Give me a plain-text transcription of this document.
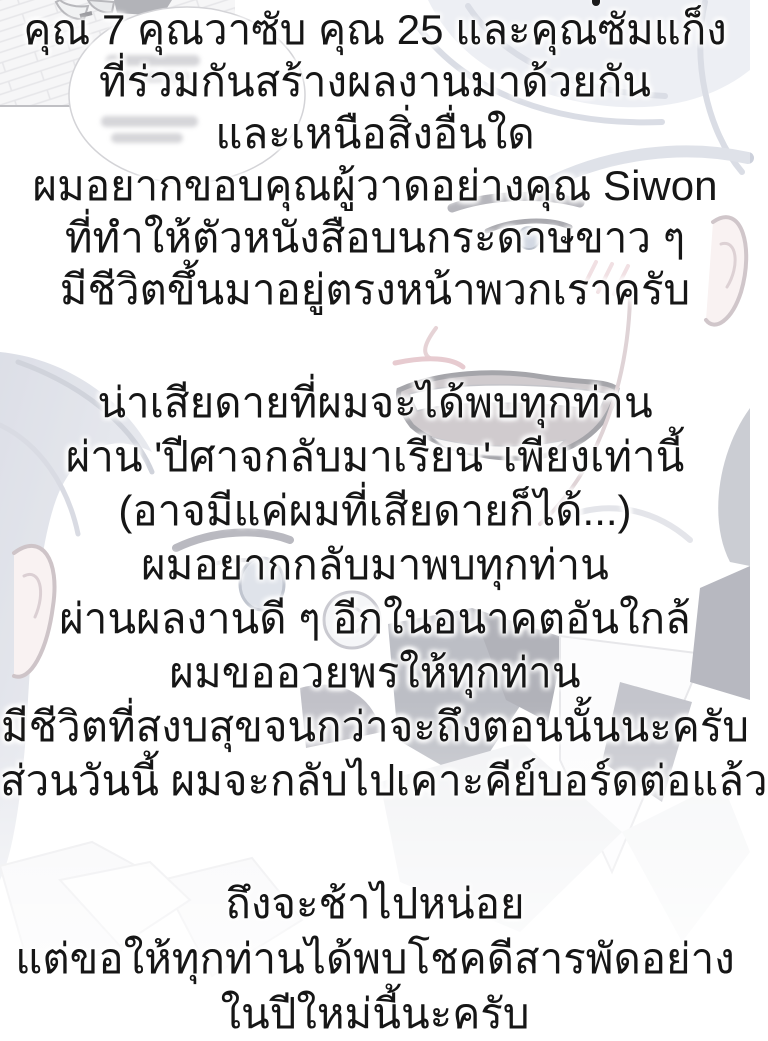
คุณ 7 คุณวาซับ คุณ 25 และคุณซัมแก็ง
ที่ร่วมกันสร้างผลงานมาด้วยกัน
และเหนือสิ่งอื่นใด
ผมอยากขอบคุณผู้วาดอย่างคุณ Siwon
ที่ทำให้ตัวหนังสือบนกระดาษขาว ๆ
มีชีวิตขึ้นมาอยู่ตรงหน้าพวกเราครับ
น่าเสียดายที่ผมจะได้พบทุกท่าน
ผ่าน 'ปีศาจกลับมาเรียน' เพียงเท่านี้
(อาจมีแค่ผมที่เสียดายก็ได้...)
ผมอยากกลับมาพบทุกท่าน
ผ่านผลงานดี ๆ อีกในอนาคตอันใกล้
ผมขออวยพรให้ทุกท่าน
มีชีวิตที่สงบสุขจนกว่าจะถึงตอนนั้นนะครับ
ส่วนวันนี้ ผมจะกลับไปเคาะคีย์บอร์ดต่อแล้ว
ถึงจะช้าไปหน่อย
แต่ขอให้ทุกท่านได้พบโชคดีสารพัดอย่าง
ในปีใหม่นี้นะครับ
